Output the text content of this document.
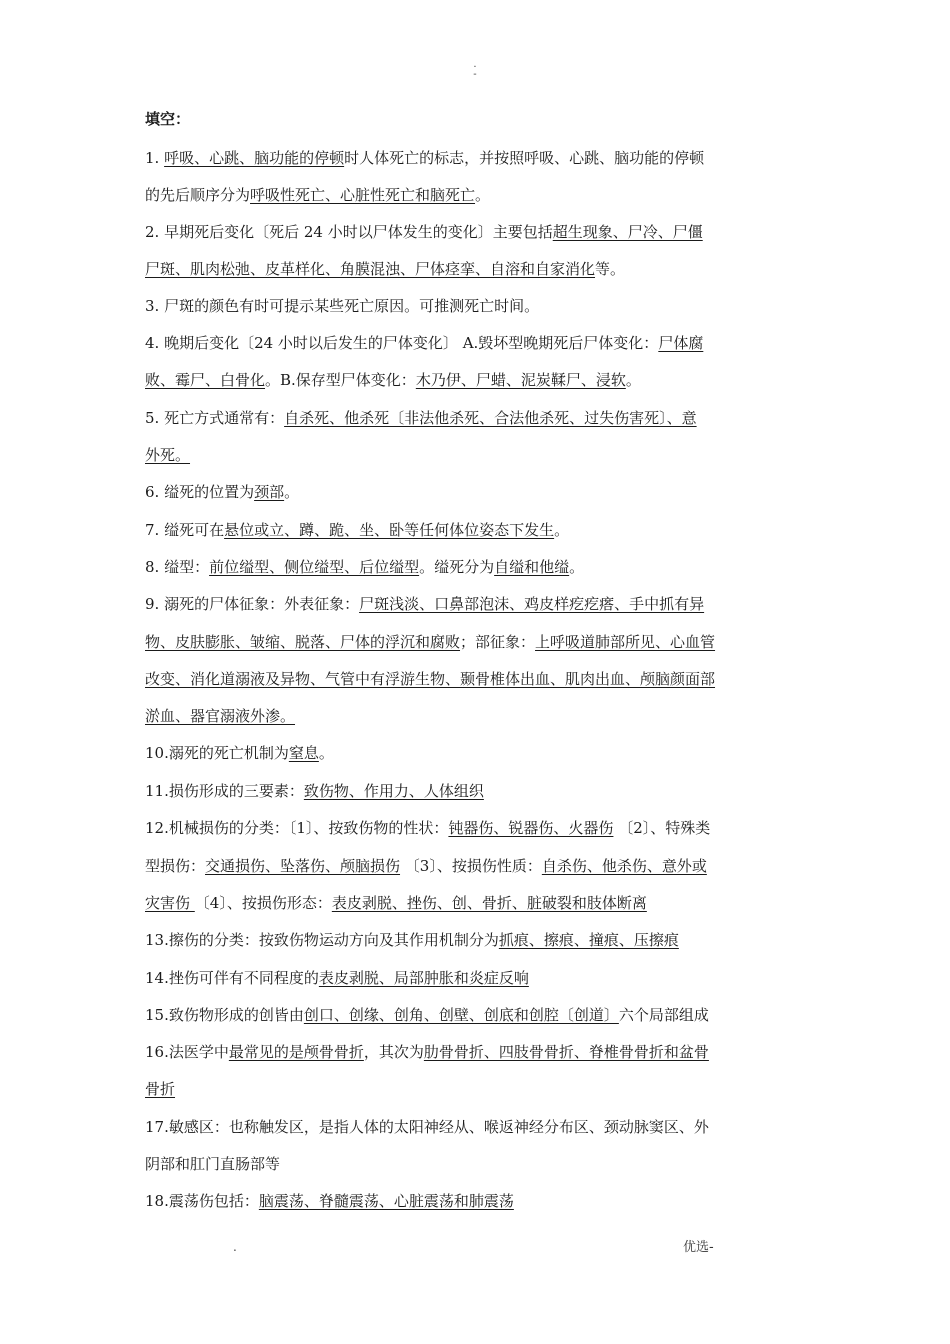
.
-
填空：
1. 呼吸、心跳、脑功能的停顿时人体死亡的标志，并按照呼吸、心跳、脑功能的停顿
的先后顺序分为呼吸性死亡、心脏性死亡和脑死亡。
2. 早期死后变化〔死后 24 小时以尸体发生的变化〕主要包括超生现象、尸冷、尸僵
尸斑、肌肉松弛、皮革样化、角膜混浊、尸体痉挛、自溶和自家消化等。
3. 尸斑的颜色有时可提示某些死亡原因。可推测死亡时间。
4. 晚期后变化〔24 小时以后发生的尸体变化〕 A.毁坏型晚期死后尸体变化：尸体腐
败、霉尸、白骨化。B.保存型尸体变化：木乃伊、尸蜡、泥炭鞣尸、浸软。
5. 死亡方式通常有：自杀死、他杀死〔非法他杀死、合法他杀死、过失伤害死〕、意
外死。
6. 缢死的位置为颈部。
7. 缢死可在悬位或立、蹲、跪、坐、卧等任何体位姿态下发生。
8. 缢型：前位缢型、侧位缢型、后位缢型。缢死分为自缢和他缢。
9. 溺死的尸体征象：外表征象：尸斑浅淡、口鼻部泡沫、鸡皮样疙疙瘩、手中抓有异
物、皮肤膨胀、皱缩、脱落、尸体的浮沉和腐败；部征象：上呼吸道肺部所见、心血管
改变、消化道溺液及异物、气管中有浮游生物、颞骨椎体出血、肌肉出血、颅脑颜面部
淤血、器官溺液外渗。
10.溺死的死亡机制为窒息。
11.损伤形成的三要素：致伤物、作用力、人体组织
12.机械损伤的分类：〔1〕、按致伤物的性状：钝器伤、锐器伤、火器伤 〔2〕、特殊类
型损伤：交通损伤、坠落伤、颅脑损伤 〔3〕、按损伤性质：自杀伤、他杀伤、意外或
灾害伤 〔4〕、按损伤形态：表皮剥脱、挫伤、创、骨折、脏破裂和肢体断离
13.擦伤的分类：按致伤物运动方向及其作用机制分为抓痕、擦痕、撞痕、压擦痕
14.挫伤可伴有不同程度的表皮剥脱、局部肿胀和炎症反响
15.致伤物形成的创皆由创口、创缘、创角、创壁、创底和创腔〔创道〕六个局部组成
16.法医学中最常见的是颅骨骨折，其次为肋骨骨折、四肢骨骨折、脊椎骨骨折和盆骨
骨折
17.敏感区：也称触发区，是指人体的太阳神经从、喉返神经分布区、颈动脉窦区、外
阴部和肛门直肠部等
18.震荡伤包括：脑震荡、脊髓震荡、心脏震荡和肺震荡
.	优选-
